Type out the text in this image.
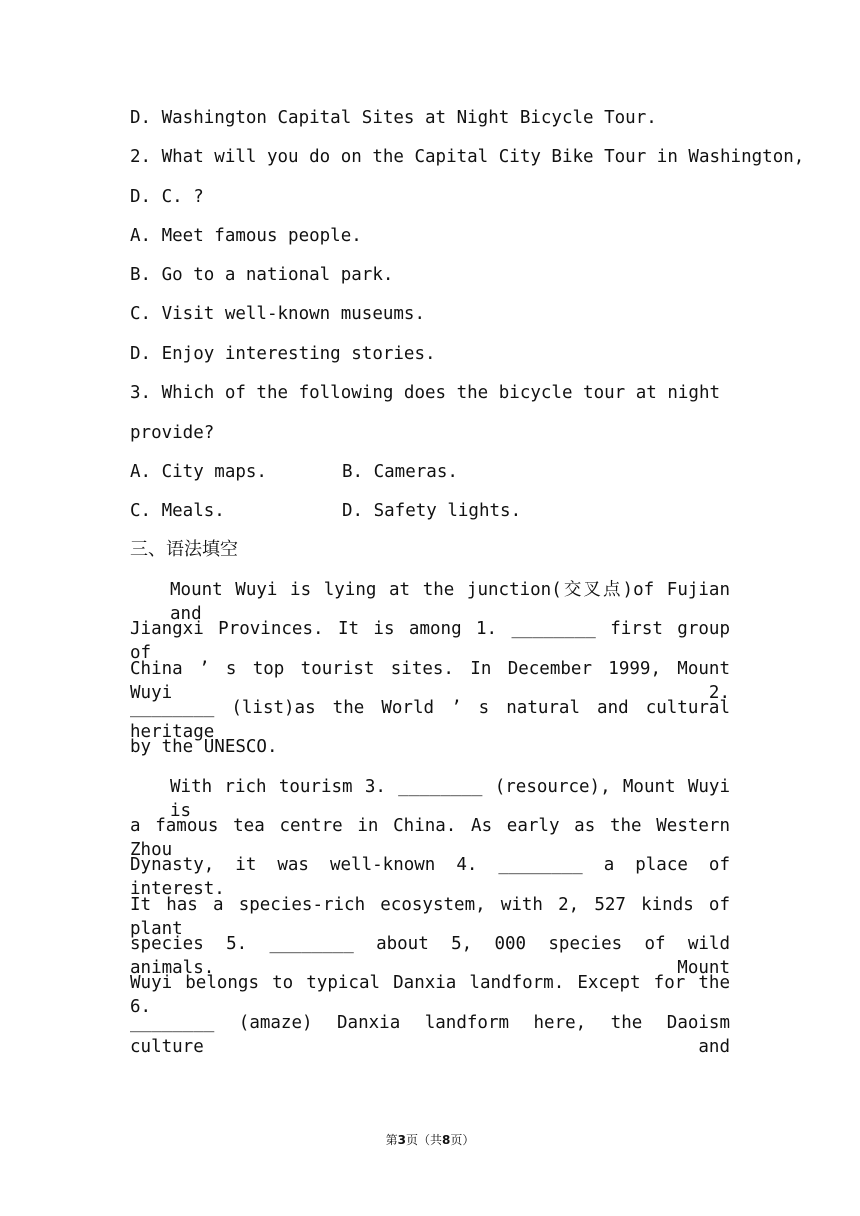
D. Washington Capital Sites at Night Bicycle Tour.
2. What will you do on the Capital City Bike Tour in Washington,
D. C. ?
A. Meet famous people.
B. Go to a national park.
C. Visit well-known museums.
D. Enjoy interesting stories.
3. Which of the following does the bicycle tour at night
provide?
A. City maps.	B. Cameras.
C. Meals.	D. Safety lights.
三、语法填空
Mount Wuyi is lying at the junction(交叉点)of Fujian and
Jiangxi Provinces. It is among 1. ________ first group of
China ’ s top tourist sites. In December 1999, Mount Wuyi 2.
________ (list)as the World ’ s natural and cultural heritage
by the UNESCO.
With rich tourism 3. ________ (resource), Mount Wuyi is
a famous tea centre in China. As early as the Western Zhou
Dynasty, it was well-known 4. ________ a place of interest.
It has a species-rich ecosystem, with 2, 527 kinds of plant
species 5. ________ about 5, 000 species of wild animals. Mount
Wuyi belongs to typical Danxia landform. Except for the 6.
________ (amaze) Danxia landform here, the Daoism culture and
第3页（共8页）
